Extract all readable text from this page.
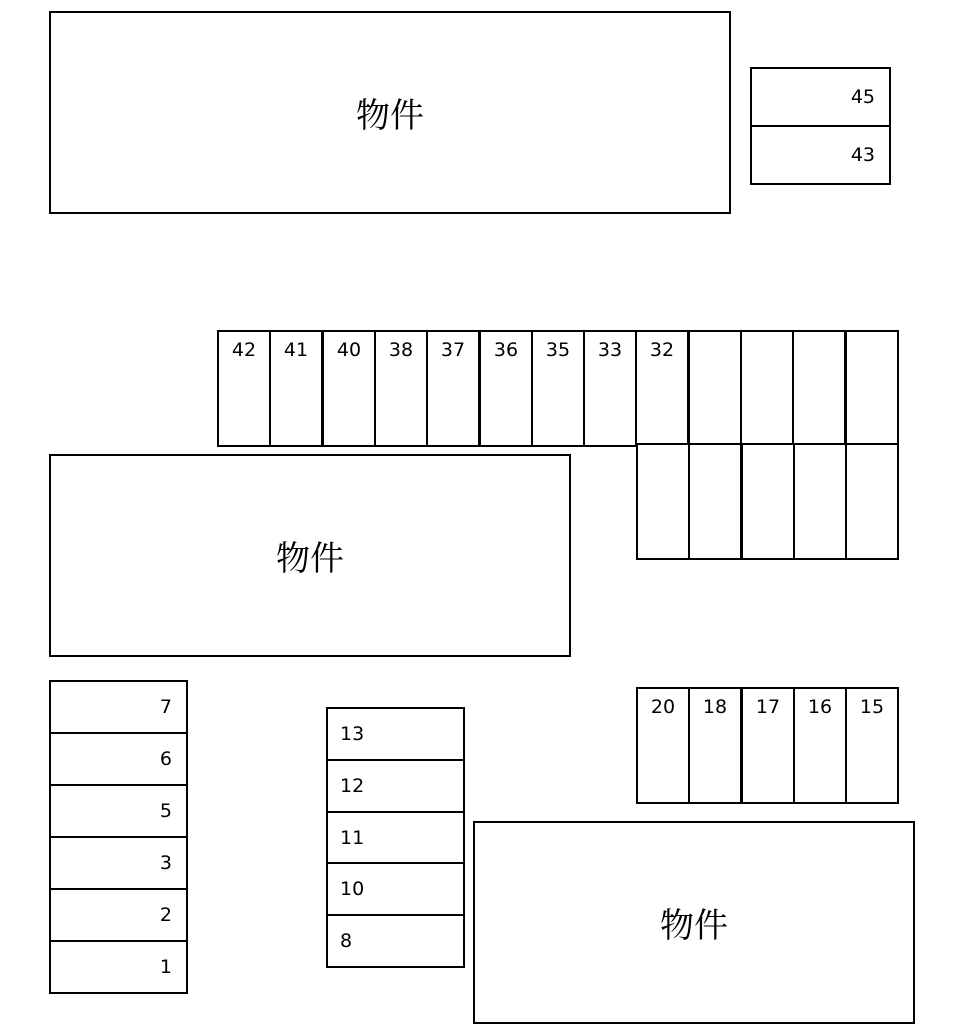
物件
物件
物件
45
43
42	41	40	38	37	36	35	33	32
7
6
5
3
2
1
13
12
11
10
8
20	18	17	16	15
